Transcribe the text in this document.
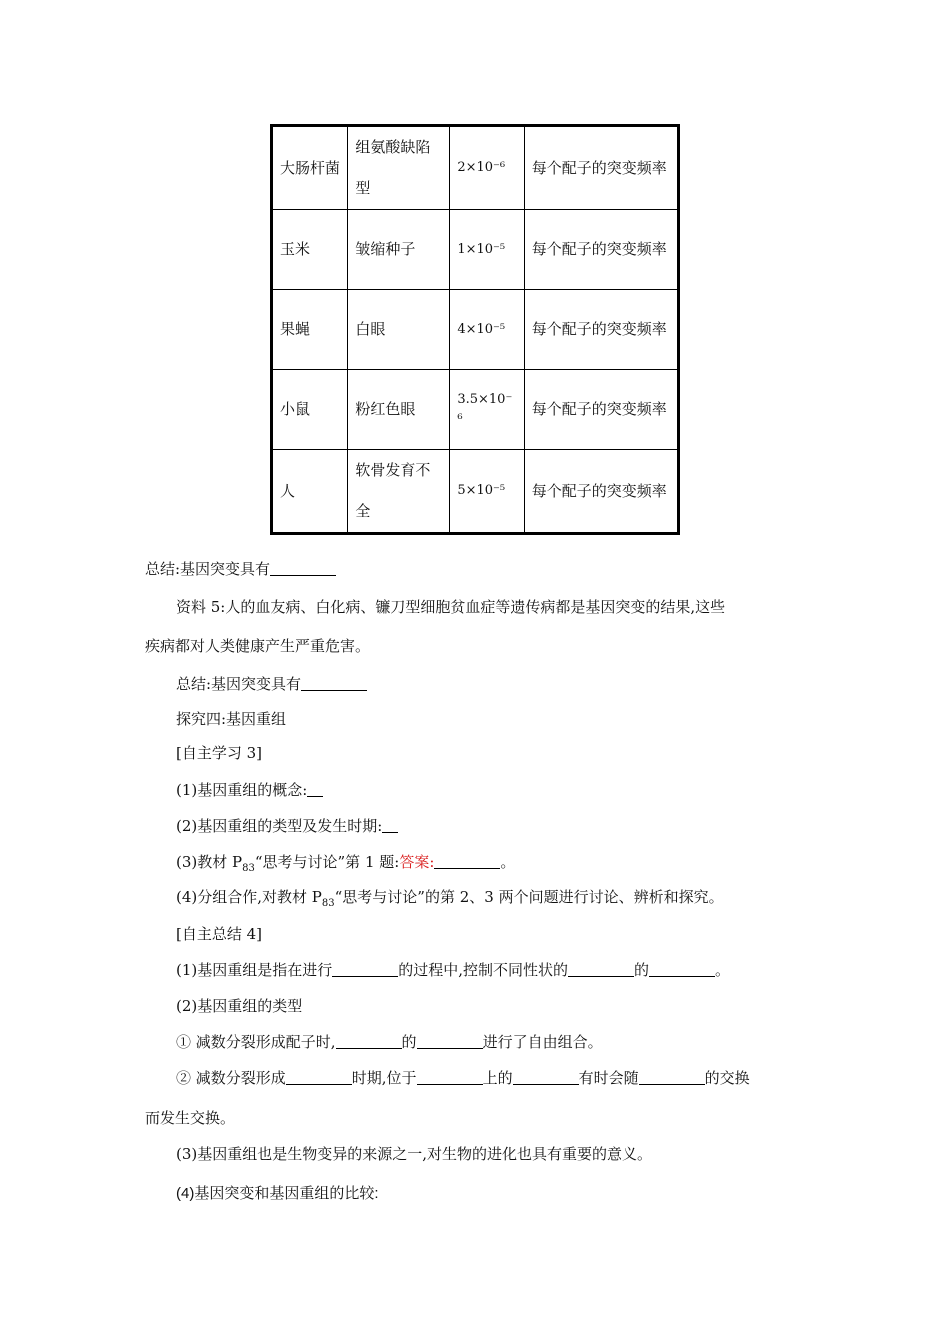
大肠杆菌	组氨酸缺陷型	2×10⁻⁶	每个配子的突变频率
玉米	皱缩种子	1×10⁻⁵	每个配子的突变频率
果蝇	白眼	4×10⁻⁵	每个配子的突变频率
小鼠	粉红色眼	3.5×10⁻⁶	每个配子的突变频率
人	软骨发育不全	5×10⁻⁵	每个配子的突变频率
总结:基因突变具有
资料 5:人的血友病、白化病、镰刀型细胞贫血症等遗传病都是基因突变的结果,这些
疾病都对人类健康产生严重危害。
总结:基因突变具有
探究四:基因重组
[自主学习 3]
(1)基因重组的概念:
(2)基因重组的类型及发生时期:
(3)教材 $P_{83}“$思考与讨论”第 1 题:答案:	。
(4)分组合作,对教材 $P_{83}“$思考与讨论”的第 2、3 两个问题进行讨论、辨析和探究。
[自主总结 4]
(1)基因重组是指在进行	的过程中,控制不同性状的	的	。
(2)基因重组的类型
① 减数分裂形成配子时,	的	进行了自由组合。
② 减数分裂形成	时期,位于	上的	有时会随	的交换
而发生交换。
(3)基因重组也是生物变异的来源之一,对生物的进化也具有重要的意义。
(4)基因突变和基因重组的比较:
